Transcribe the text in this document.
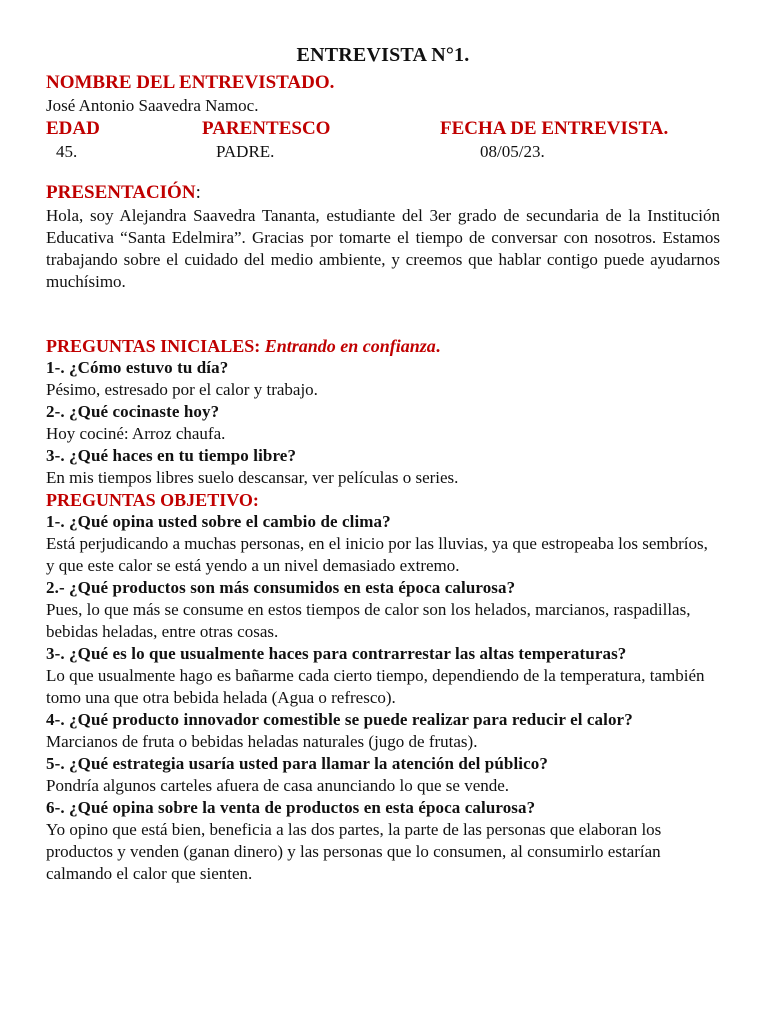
ENTREVISTA N°1.
NOMBRE DEL ENTREVISTADO.
José Antonio Saavedra Namoc.
EDAD	PARENTESCO	FECHA DE ENTREVISTA.
45.	PADRE.	08/05/23.
PRESENTACIÓN:
Hola, soy Alejandra Saavedra Tananta, estudiante del 3er grado de secundaria de la Institución Educativa “Santa Edelmira”. Gracias por tomarte el tiempo de conversar con nosotros. Estamos trabajando sobre el cuidado del medio ambiente, y creemos que hablar contigo puede ayudarnos muchísimo.
PREGUNTAS INICIALES: Entrando en confianza.
1-. ¿Cómo estuvo tu día?
Pésimo, estresado por el calor y trabajo.
2-. ¿Qué cocinaste hoy?
Hoy cociné: Arroz chaufa.
3-. ¿Qué haces en tu tiempo libre?
En mis tiempos libres suelo descansar, ver películas o series.
PREGUNTAS OBJETIVO:
1-. ¿Qué opina usted sobre el cambio de clima?
Está perjudicando a muchas personas, en el inicio por las lluvias, ya que estropeaba los sembríos, y que este calor se está yendo a un nivel demasiado extremo.
2.- ¿Qué productos son más consumidos en esta época calurosa?
Pues, lo que más se consume en estos tiempos de calor son los helados, marcianos, raspadillas, bebidas heladas, entre otras cosas.
3-. ¿Qué es lo que usualmente haces para contrarrestar las altas temperaturas?
Lo que usualmente hago es bañarme cada cierto tiempo, dependiendo de la temperatura, también tomo una que otra bebida helada (Agua o refresco).
4-. ¿Qué producto innovador comestible se puede realizar para reducir el calor?
Marcianos de fruta o bebidas heladas naturales (jugo de frutas).
5-. ¿Qué estrategia usaría usted para llamar la atención del público?
Pondría algunos carteles afuera de casa anunciando lo que se vende.
6-. ¿Qué opina sobre la venta de productos en esta época calurosa?
Yo opino que está bien, beneficia a las dos partes, la parte de las personas que elaboran los productos y venden (ganan dinero) y las personas que lo consumen, al consumirlo estarían calmando el calor que sienten.
